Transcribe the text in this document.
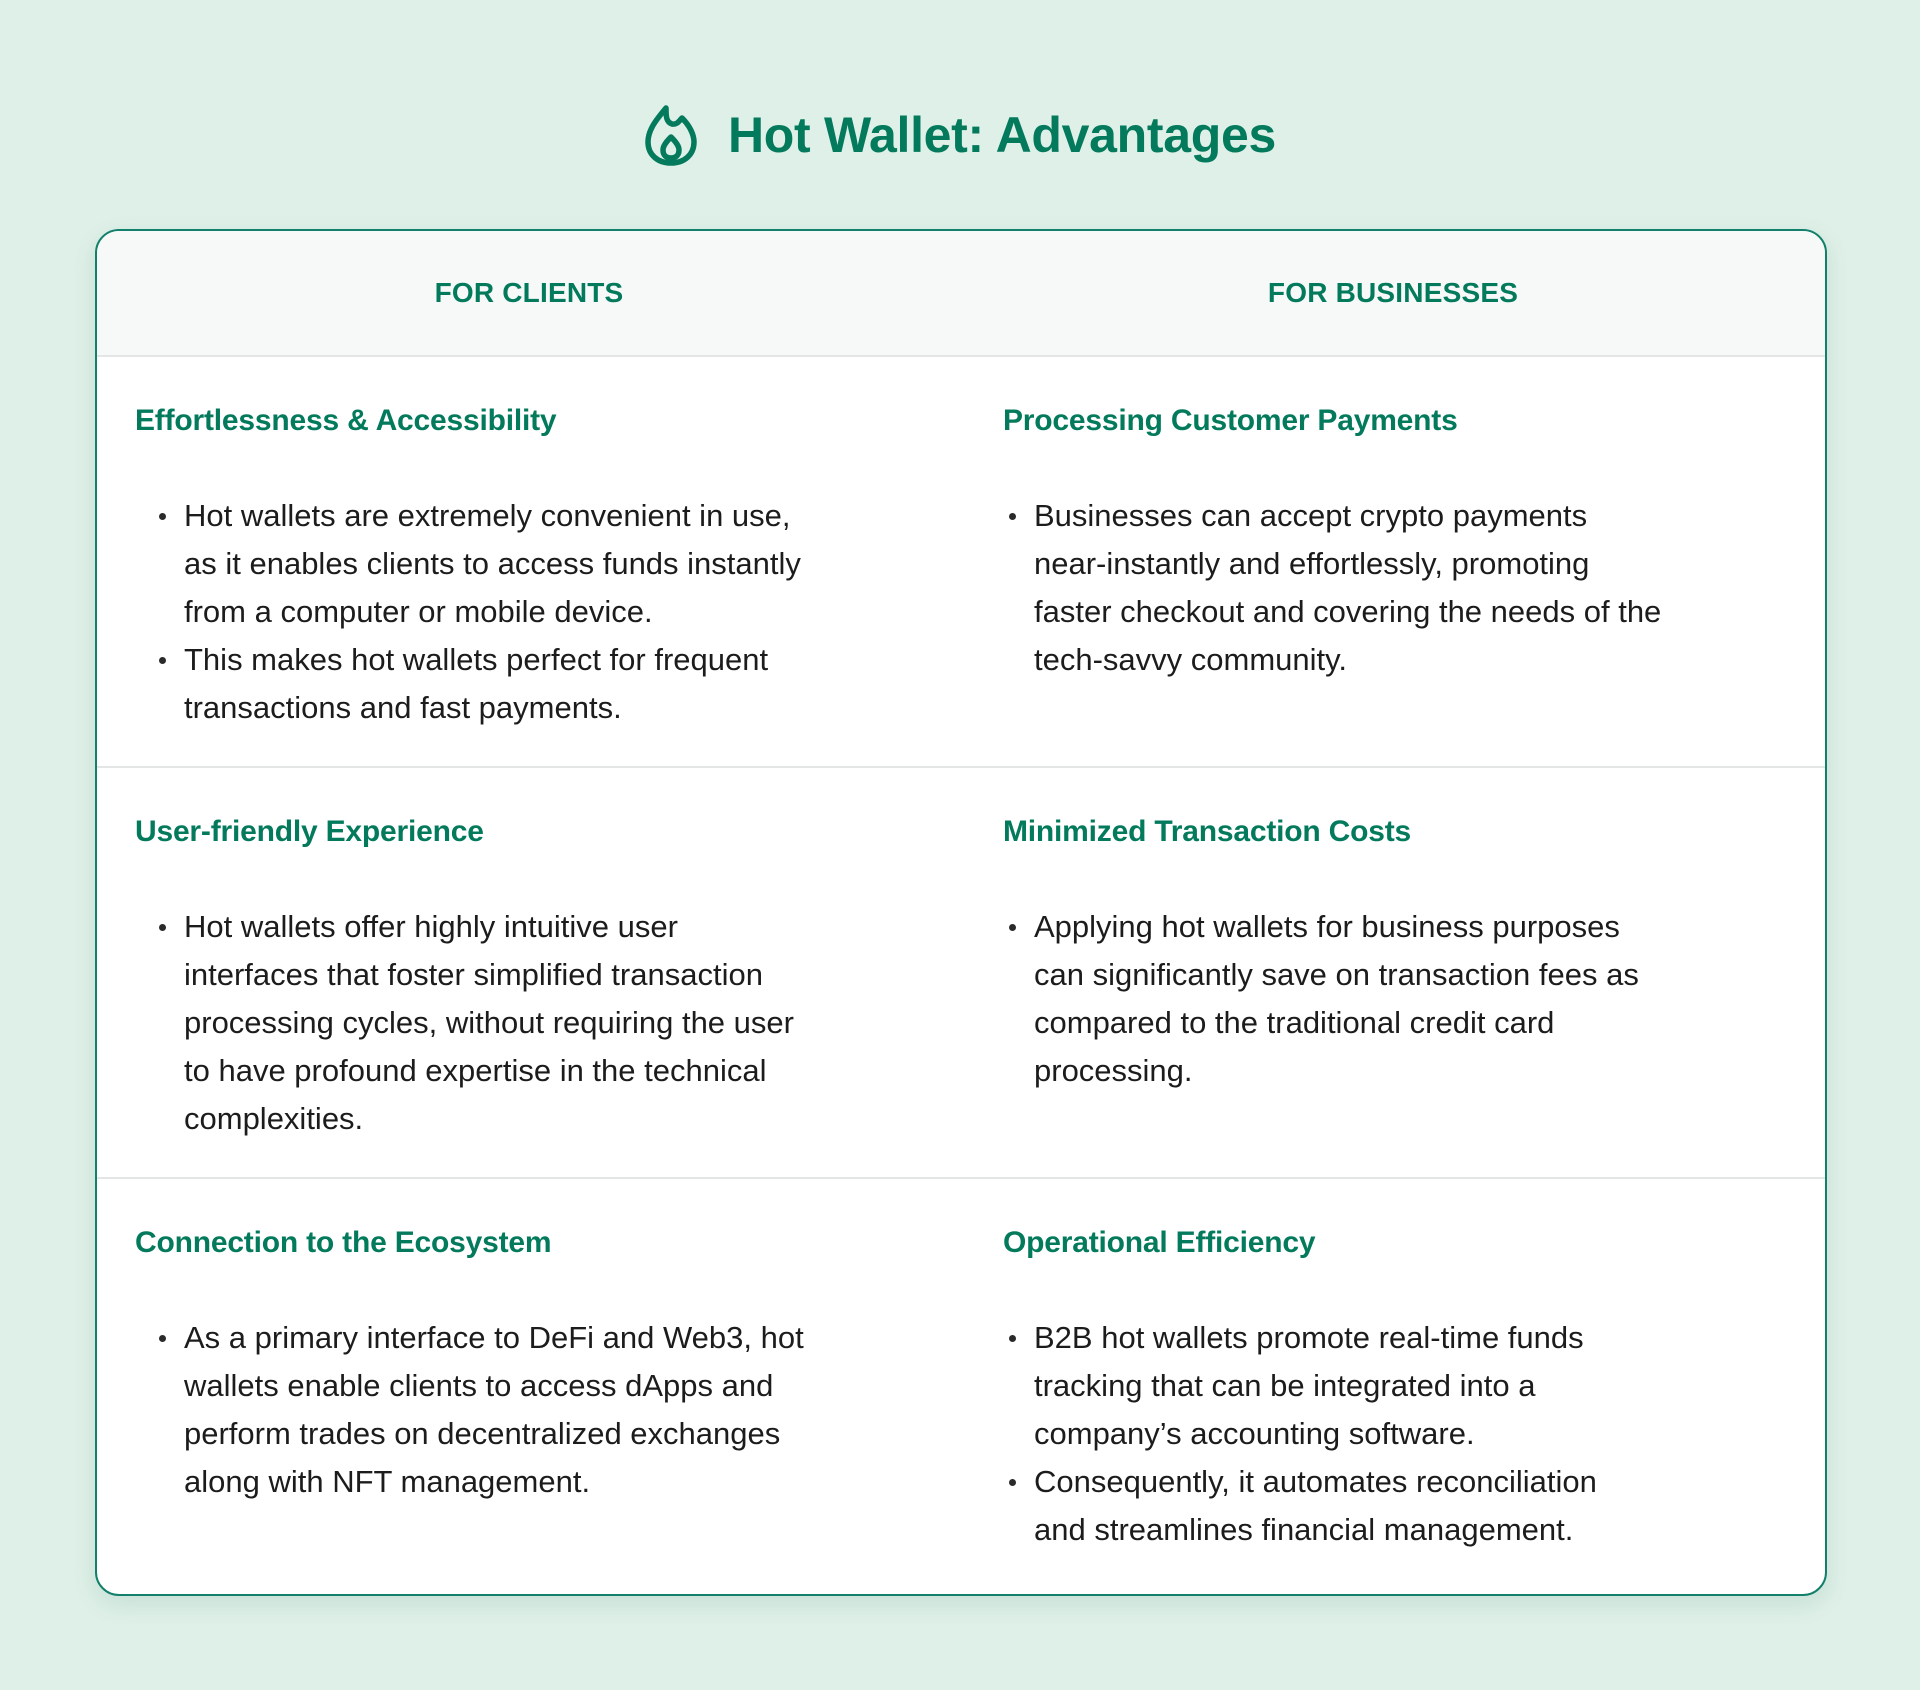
Hot Wallet: Advantages
FOR CLIENTS	FOR BUSINESSES
Effortlessness & Accessibility
Hot wallets are extremely convenient in use,
as it enables clients to access funds instantly
from a computer or mobile device.
This makes hot wallets perfect for frequent
transactions and fast payments.
Processing Customer Payments
Businesses can accept crypto payments
near-instantly and effortlessly, promoting
faster checkout and covering the needs of the
tech-savvy community.
User-friendly Experience
Hot wallets offer highly intuitive user
interfaces that foster simplified transaction
processing cycles, without requiring the user
to have profound expertise in the technical
complexities.
Minimized Transaction Costs
Applying hot wallets for business purposes
can significantly save on transaction fees as
compared to the traditional credit card
processing.
Connection to the Ecosystem
As a primary interface to DeFi and Web3, hot
wallets enable clients to access dApps and
perform trades on decentralized exchanges
along with NFT management.
Operational Efficiency
B2B hot wallets promote real-time funds
tracking that can be integrated into a
company’s accounting software.
Consequently, it automates reconciliation
and streamlines financial management.
